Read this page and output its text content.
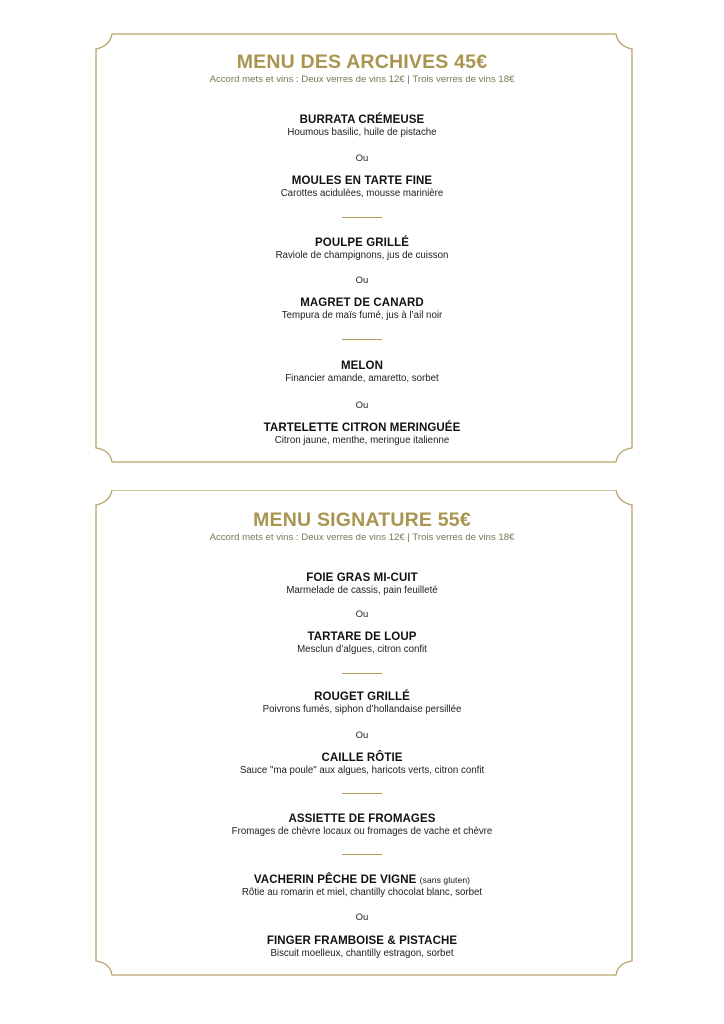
MENU DES ARCHIVES 45€

Accord mets et vins : Deux verres de vins 12€ | Trois verres de vins 18€

BURRATA CRÉMEUSE

Houmous basilic, huile de pistache

Ou

MOULES EN TARTE FINE

Carottes acidulées, mousse marinière

POULPE GRILLÉ

Raviole de champignons, jus de cuisson

Ou

MAGRET DE CANARD

Tempura de maïs fumé, jus à l’ail noir

MELON

Financier amande, amaretto, sorbet

Ou

TARTELETTE CITRON MERINGUÉE

Citron jaune, menthe, meringue italienne

MENU SIGNATURE 55€

Accord mets et vins : Deux verres de vins 12€ | Trois verres de vins 18€

FOIE GRAS MI-CUIT

Marmelade de cassis, pain feuilleté

Ou

TARTARE DE LOUP

Mesclun d’algues, citron confit

ROUGET GRILLÉ

Poivrons fumés, siphon d’hollandaise persillée

Ou

CAILLE RÔTIE

Sauce "ma poule" aux algues, haricots verts, citron confit

ASSIETTE DE FROMAGES

Fromages de chèvre locaux ou fromages de vache et chèvre

VACHERIN PÊCHE DE VIGNE (sans gluten)

Rôtie au romarin et miel, chantilly chocolat blanc, sorbet

Ou

FINGER FRAMBOISE & PISTACHE

Biscuit moelleux, chantilly estragon, sorbet
